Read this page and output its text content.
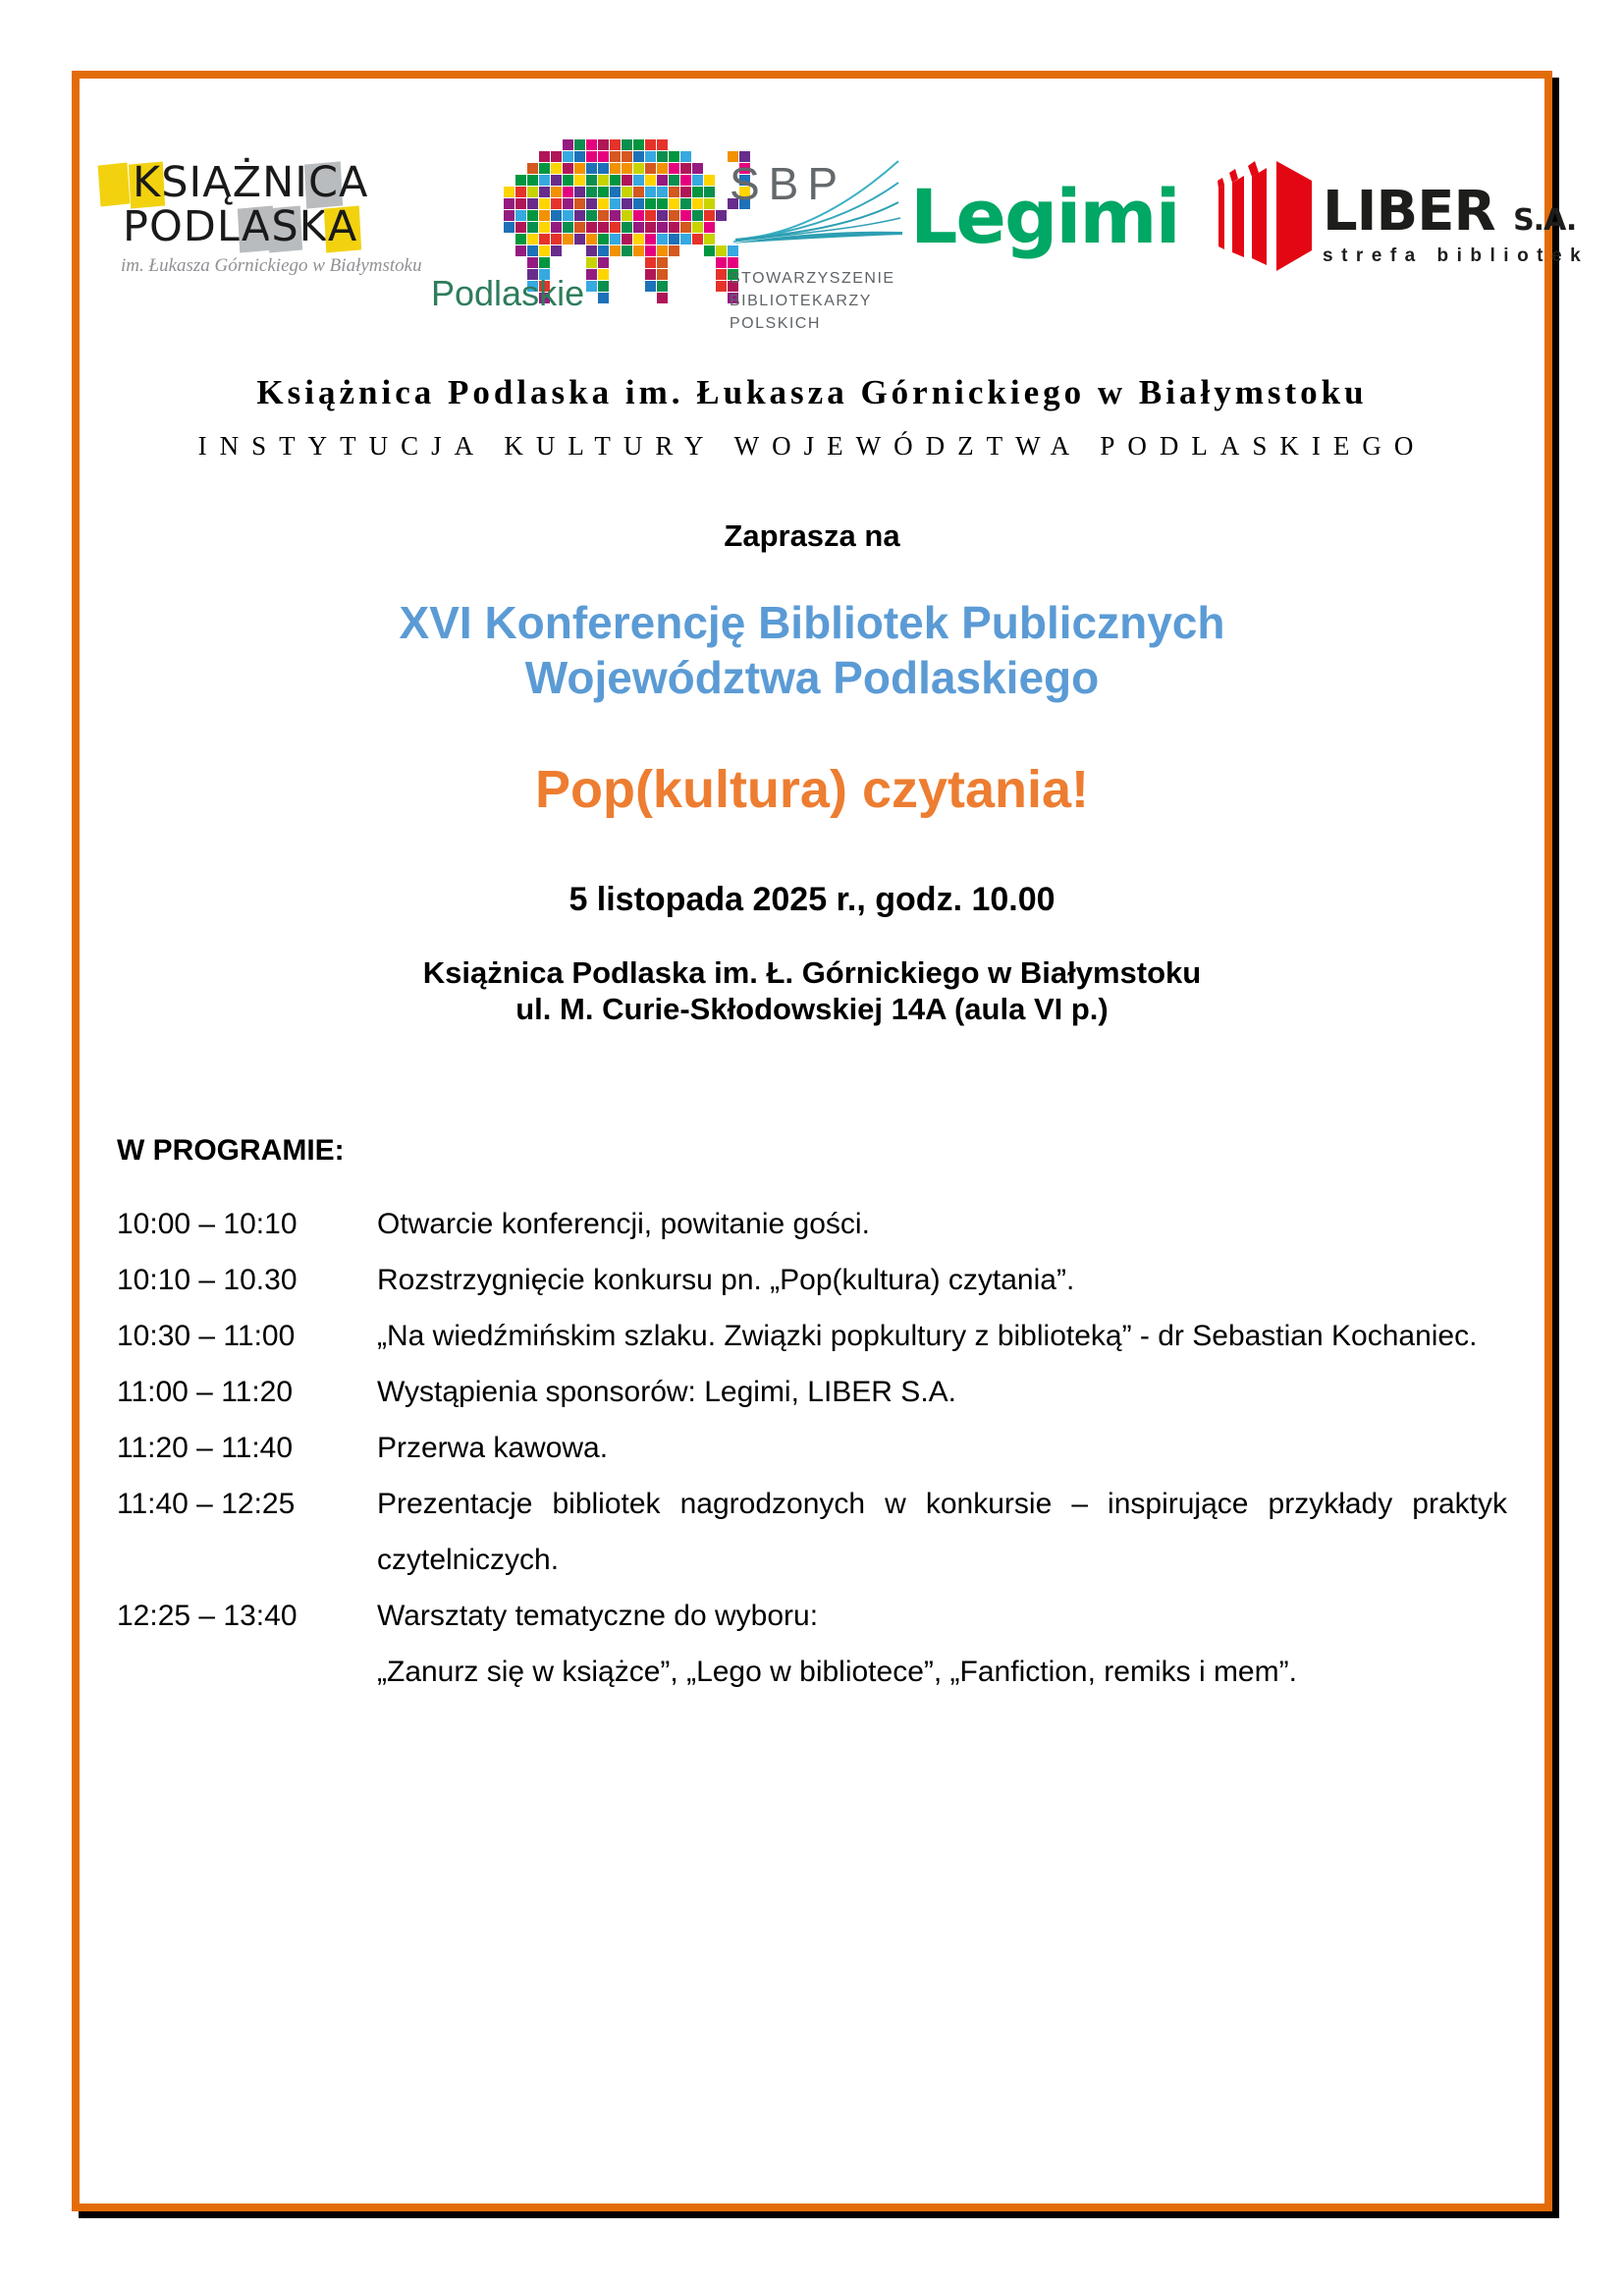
K S I Ą Ż N I C A
P O D L A S K A
im. Łukasza Górnickiego w Białymstoku
Podlaskie
SBP
STOWARZYSZENIE
BIBLIOTEKARZY
POLSKICH
Legimi	LIBER S.A.
strefa bibliotek
Książnica Podlaska im. Łukasza Górnickiego w Białymstoku
INSTYTUCJA KULTURY WOJEWÓDZTWA PODLASKIEGO
Zaprasza na
XVI Konferencję Bibliotek Publicznych
Województwa Podlaskiego
Pop(kultura) czytania!
5 listopada 2025 r., godz. 10.00
Książnica Podlaska im. Ł. Górnickiego w Białymstoku
ul. M. Curie-Skłodowskiej 14A (aula VI p.)
W PROGRAMIE:
10:00 – 10:10	Otwarcie konferencji, powitanie gości.
10:10 – 10.30	Rozstrzygnięcie konkursu pn. „Pop(kultura) czytania”.
10:30 – 11:00	„Na wiedźmińskim szlaku. Związki popkultury z biblioteką” - dr Sebastian Kochaniec.
11:00 – 11:20	Wystąpienia sponsorów: Legimi, LIBER S.A.
11:20 – 11:40	Przerwa kawowa.
11:40 – 12:25	Prezentacje bibliotek nagrodzonych w konkursie – inspirujące przykłady praktyk czytelniczych.
12:25 – 13:40	Warsztaty tematyczne do wyboru:
„Zanurz się w książce”, „Lego w bibliotece”, „Fanfiction, remiks i mem”.
